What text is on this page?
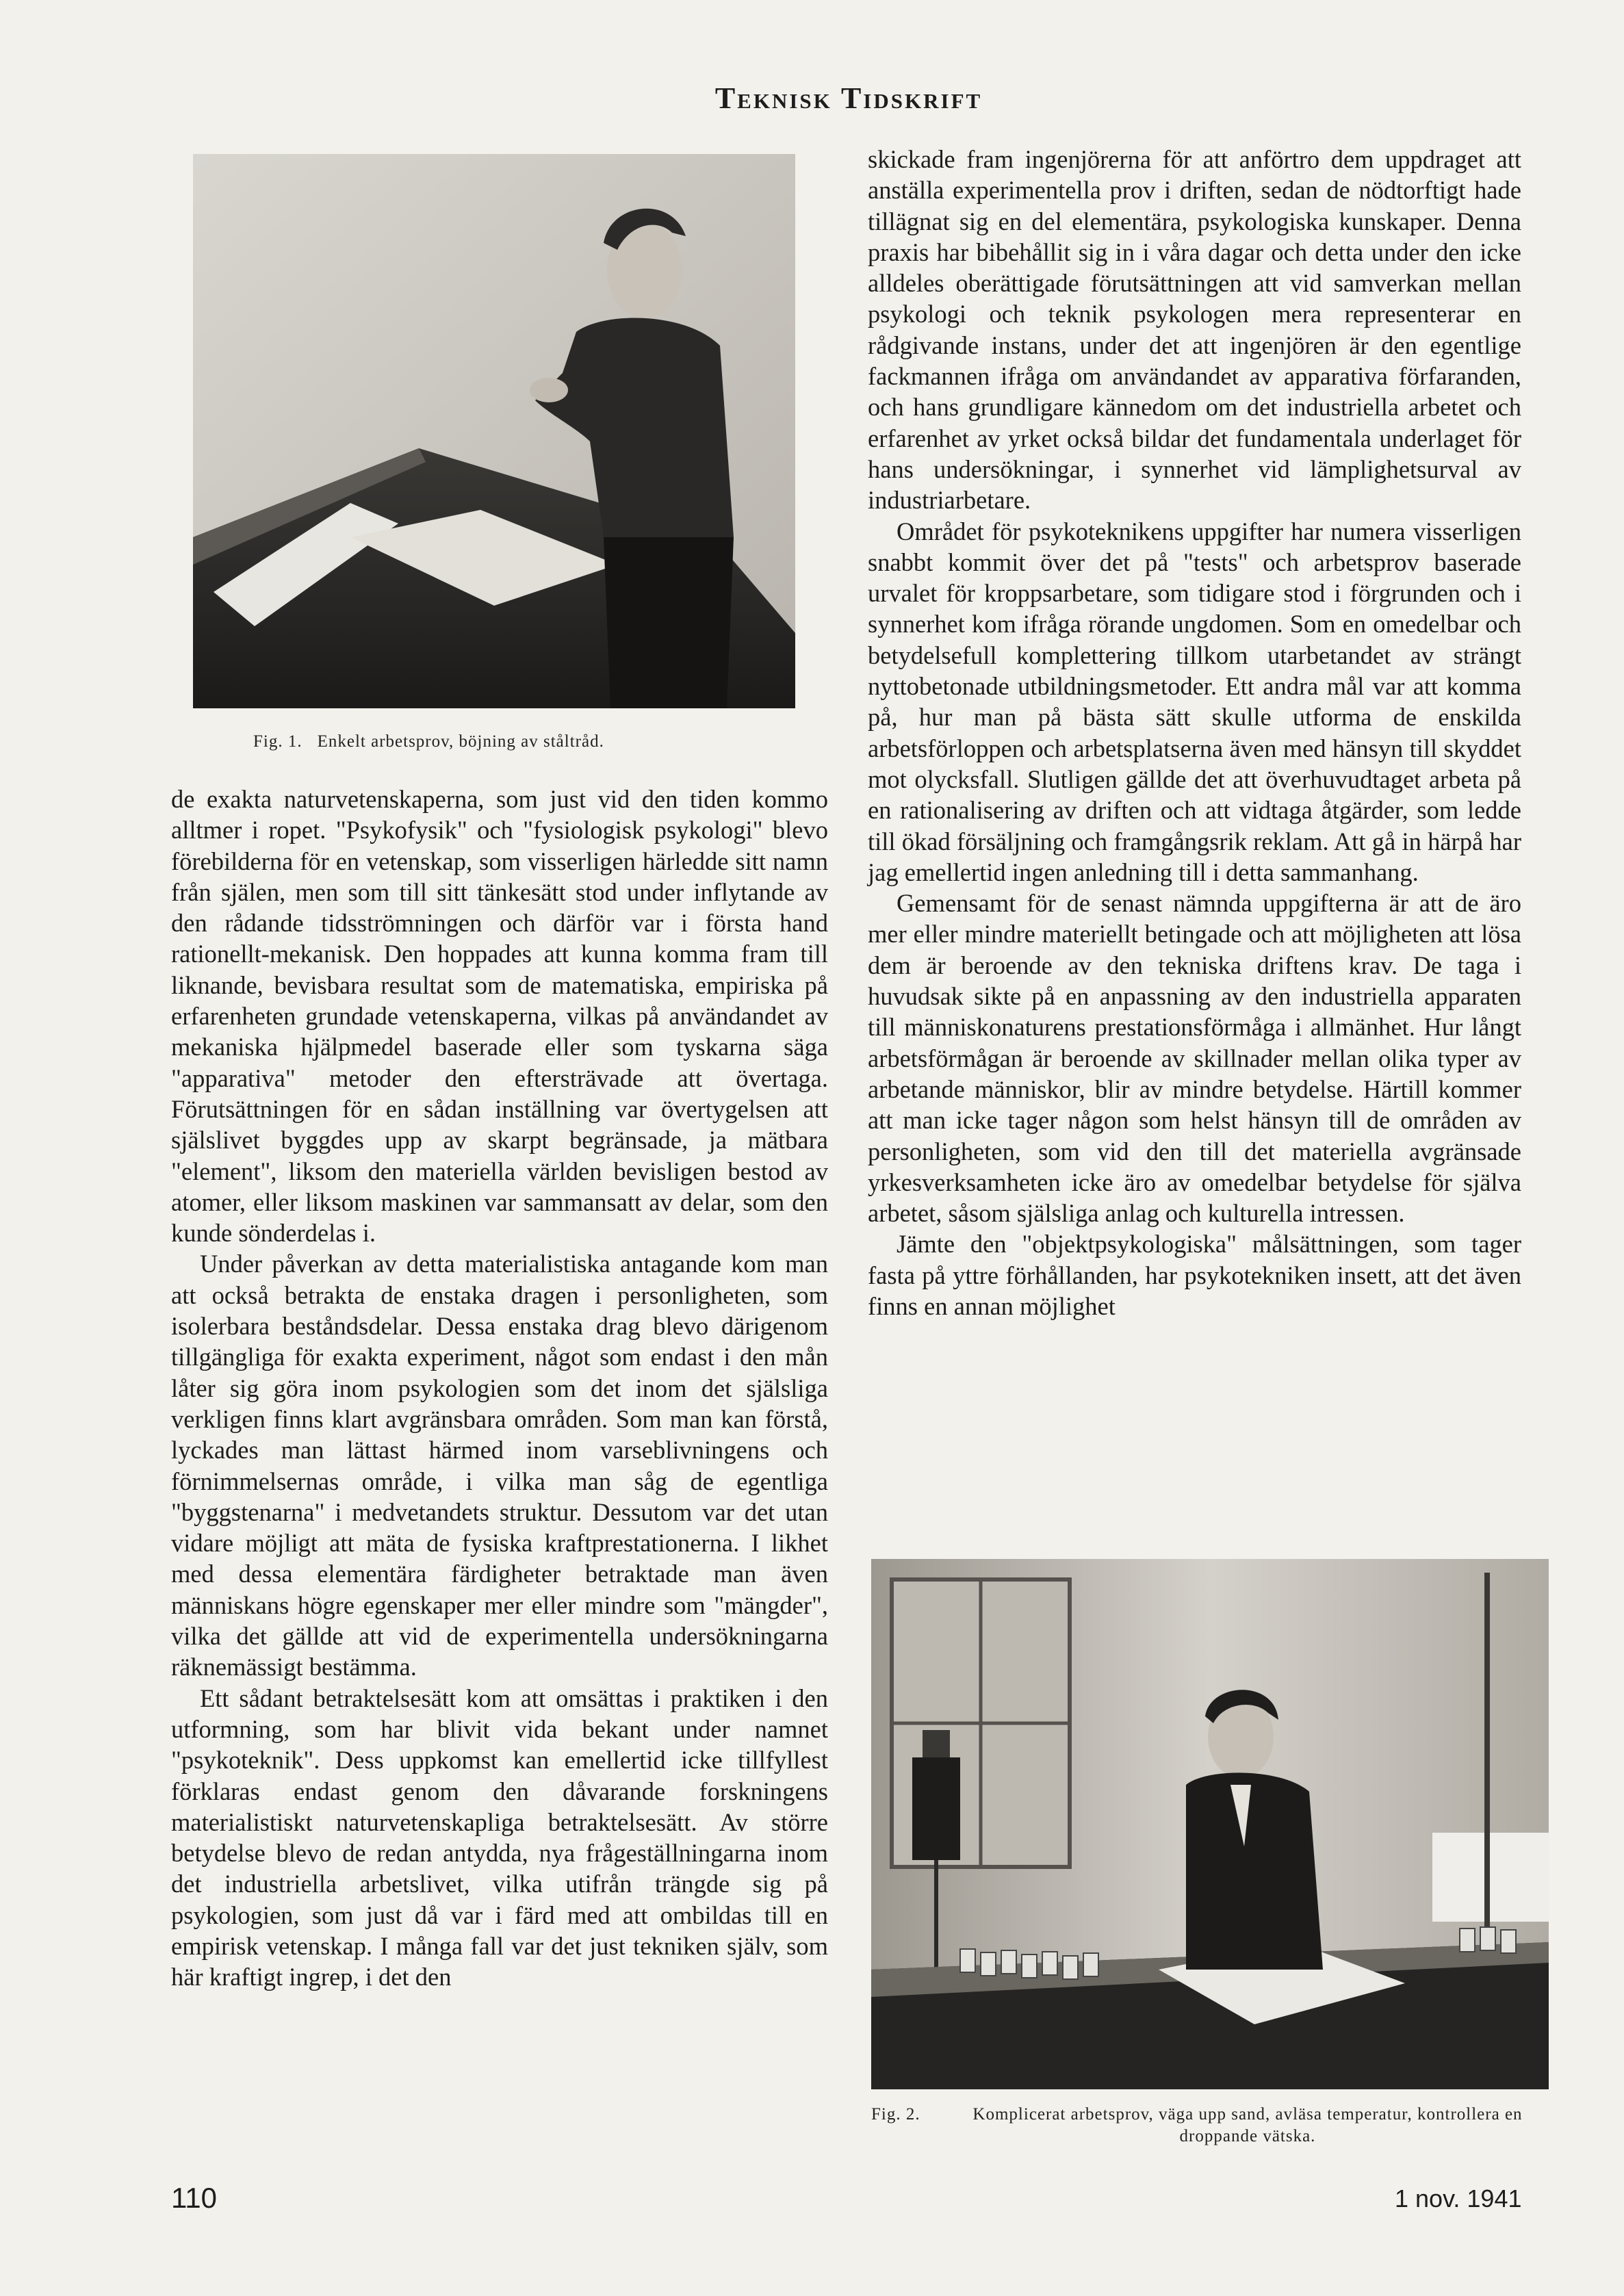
Teknisk Tidskrift
Fig. 1. Enkelt arbetsprov, böjning av ståltråd.

de exakta naturvetenskaperna, som just vid den tiden kommo alltmer i ropet. "Psykofysik" och "fysiologisk psykologi" blevo förebilderna för en vetenskap, som visserligen härledde sitt namn från själen, men som till sitt tänkesätt stod under inflytande av den rådande tidsströmningen och därför var i första hand rationellt-mekanisk. Den hoppades att kunna komma fram till liknande, bevisbara resultat som de matematiska, empiriska på erfarenheten grundade vetenskaperna, vilkas på användandet av mekaniska hjälpmedel baserade eller som tyskarna säga "apparativa" metoder den eftersträvade att övertaga. Förutsättningen för en sådan inställning var övertygelsen att själslivet byggdes upp av skarpt begränsade, ja mätbara "element", liksom den materiella världen bevisligen bestod av atomer, eller liksom maskinen var sammansatt av delar, som den kunde sönderdelas i.

Under påverkan av detta materialistiska antagande kom man att också betrakta de enstaka dragen i personligheten, som isolerbara beståndsdelar. Dessa enstaka drag blevo därigenom tillgängliga för exakta experiment, något som endast i den mån låter sig göra inom psykologien som det inom det själsliga verkligen finns klart avgränsbara områden. Som man kan förstå, lyckades man lättast härmed inom varseblivningens och förnimmelsernas område, i vilka man såg de egentliga "byggstenarna" i medvetandets struktur. Dessutom var det utan vidare möjligt att mäta de fysiska kraftprestationerna. I likhet med dessa elementära färdigheter betraktade man även människans högre egenskaper mer eller mindre som "mängder", vilka det gällde att vid de experimentella undersökningarna räknemässigt bestämma.

Ett sådant betraktelsesätt kom att omsättas i praktiken i den utformning, som har blivit vida bekant under namnet "psykoteknik". Dess uppkomst kan emellertid icke tillfyllest förklaras endast genom den dåvarande forskningens materialistiskt naturvetenskapliga betraktelsesätt. Av större betydelse blevo de redan antydda, nya frågeställningarna inom det industriella arbetslivet, vilka utifrån trängde sig på psykologien, som just då var i färd med att ombildas till en empirisk vetenskap. I många fall var det just tekniken själv, som här kraftigt ingrep, i det den

skickade fram ingenjörerna för att anförtro dem uppdraget att anställa experimentella prov i driften, sedan de nödtorftigt hade tillägnat sig en del elementära, psykologiska kunskaper. Denna praxis har bibehållit sig in i våra dagar och detta under den icke alldeles oberättigade förutsättningen att vid samverkan mellan psykologi och teknik psykologen mera representerar en rådgivande instans, under det att ingenjören är den egentlige fackmannen ifråga om användandet av apparativa förfaranden, och hans grundligare kännedom om det industriella arbetet och erfarenhet av yrket också bildar det fundamentala underlaget för hans undersökningar, i synnerhet vid lämplighetsurval av industriarbetare.

Området för psykoteknikens uppgifter har numera visserligen snabbt kommit över det på "tests" och arbetsprov baserade urvalet för kroppsarbetare, som tidigare stod i förgrunden och i synnerhet kom ifråga rörande ungdomen. Som en omedelbar och betydelsefull komplettering tillkom utarbetandet av strängt nyttobetonade utbildningsmetoder. Ett andra mål var att komma på, hur man på bästa sätt skulle utforma de enskilda arbetsförloppen och arbetsplatserna även med hänsyn till skyddet mot olycksfall. Slutligen gällde det att överhuvudtaget arbeta på en rationalisering av driften och att vidtaga åtgärder, som ledde till ökad försäljning och framgångsrik reklam. Att gå in härpå har jag emellertid ingen anledning till i detta sammanhang.

Gemensamt för de senast nämnda uppgifterna är att de äro mer eller mindre materiellt betingade och att möjligheten att lösa dem är beroende av den tekniska driftens krav. De taga i huvudsak sikte på en anpassning av den industriella apparaten till människonaturens prestationsförmåga i allmänhet. Hur långt arbetsförmågan är beroende av skillnader mellan olika typer av arbetande människor, blir av mindre betydelse. Härtill kommer att man icke tager någon som helst hänsyn till de områden av personligheten, som vid den till det materiella avgränsade yrkesverksamheten icke äro av omedelbar betydelse för själva arbetet, såsom själsliga anlag och kulturella intressen.

Jämte den "objektpsykologiska" målsättningen, som tager fasta på yttre förhållanden, har psykotekniken insett, att det även finns en annan möjlighet

Fig. 2.	Komplicerat arbetsprov, väga upp sand, avläsa temperatur, kontrollera en droppande vätska.
110	1 nov. 1941
